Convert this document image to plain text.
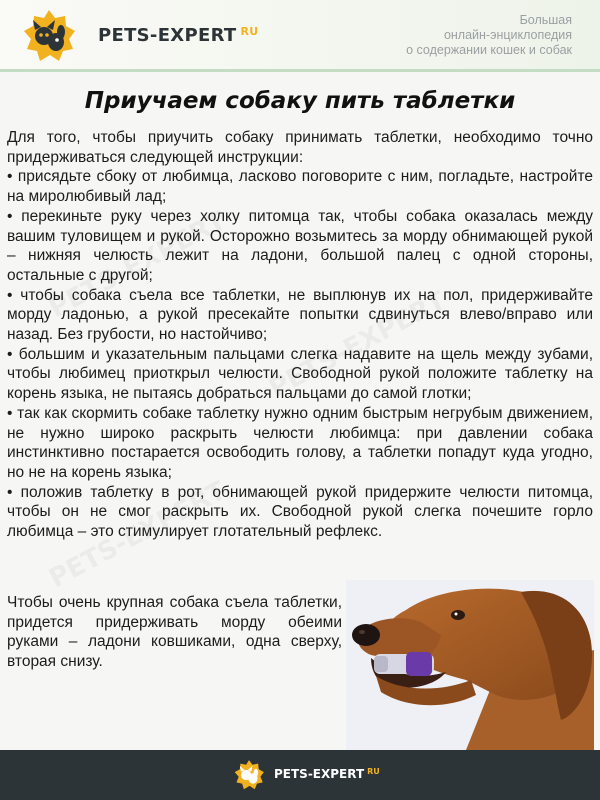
PETS-EXPERT $^{RU}$
Большая
онлайн-энциклопедия
о содержании кошек и собак
Приучаем собаку пить таблетки

Для того, чтобы приучить собаку принимать таблетки, необходимо точно придерживаться следующей инструкции:

• присядьте сбоку от любимца, ласково поговорите с ним, погладьте, настройте на миролюбивый лад;

• перекиньте руку через холку питомца так, чтобы собака оказалась между вашим туловищем и рукой. Осторожно возьмитесь за морду обнимающей рукой – нижняя челюсть лежит на ладони, большой палец с одной стороны, остальные с другой;

• чтобы собака съела все таблетки, не выплюнув их на пол, придерживайте морду ладонью, а рукой пресекайте попытки сдвинуться влево/вправо или назад. Без грубости, но настойчиво;

• большим и указательным пальцами слегка надавите на щель между зубами, чтобы любимец приоткрыл челюсти. Свободной рукой положите таблетку на корень языка, не пытаясь добраться пальцами до самой глотки;

• так как скормить собаке таблетку нужно одним быстрым негрубым движением, не нужно широко раскрыть челюсти любимца: при давлении собака инстинктивно постарается освободить голову, а таблетки попадут куда угодно, но не на корень языка;

• положив таблетку в рот, обнимающей рукой придержите челюсти питомца, чтобы он не смог раскрыть их. Свободной рукой слегка почешите горло любимца – это стимулирует глотательный рефлекс.

Чтобы очень крупная собака съела таблетки, придется придерживать морду обеими руками – ладони ковшиками, одна сверху, вторая снизу.

PETS-EXPERT $^{RU}$
